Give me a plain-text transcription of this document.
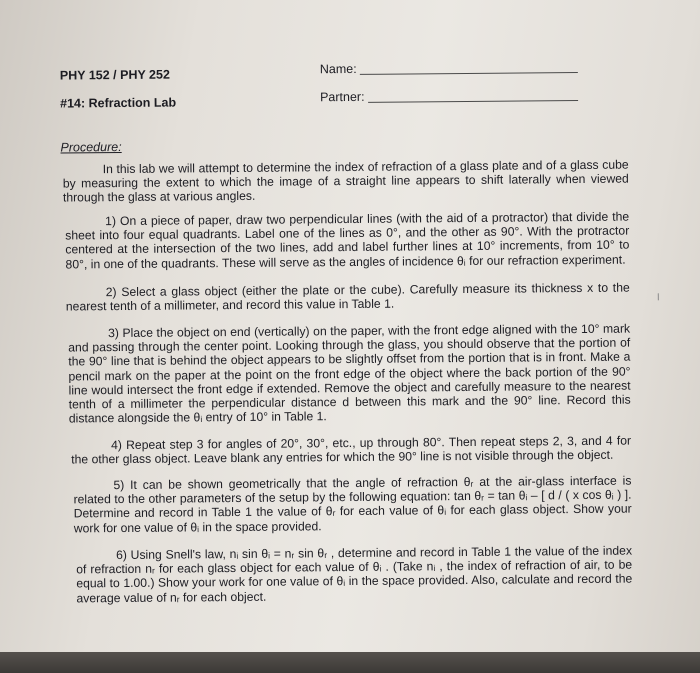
PHY 152 / PHY 252
#14: Refraction Lab
Name:
Partner:
Procedure:

In this lab we will attempt to determine the index of refraction of a glass plate and of a glass cube by measuring the extent to which the image of a straight line appears to shift laterally when viewed through the glass at various angles.

1) On a piece of paper, draw two perpendicular lines (with the aid of a protractor) that divide the sheet into four equal quadrants. Label one of the lines as 0°, and the other as 90°. With the protractor centered at the intersection of the two lines, add and label further lines at 10° increments, from 10° to 80°, in one of the quadrants. These will serve as the angles of incidence θᵢ for our refraction experiment.

2) Select a glass object (either the plate or the cube). Carefully measure its thickness x to the nearest tenth of a millimeter, and record this value in Table 1.

3) Place the object on end (vertically) on the paper, with the front edge aligned with the 10° mark and passing through the center point. Looking through the glass, you should observe that the portion of the 90° line that is behind the object appears to be slightly offset from the portion that is in front. Make a pencil mark on the paper at the point on the front edge of the object where the back portion of the 90° line would intersect the front edge if extended. Remove the object and carefully measure to the nearest tenth of a millimeter the perpendicular distance d between this mark and the 90° line. Record this distance alongside the θᵢ entry of 10° in Table 1.

4) Repeat step 3 for angles of 20°, 30°, etc., up through 80°. Then repeat steps 2, 3, and 4 for the other glass object. Leave blank any entries for which the 90° line is not visible through the object.

5) It can be shown geometrically that the angle of refraction θᵣ at the air-glass interface is related to the other parameters of the setup by the following equation: tan θᵣ = tan θᵢ – [ d / ( x cos θᵢ ) ]. Determine and record in Table 1 the value of θᵣ for each value of θᵢ for each glass object. Show your work for one value of θᵢ in the space provided.

6) Using Snell's law, nᵢ sin θᵢ = nᵣ sin θᵣ , determine and record in Table 1 the value of the index of refraction nᵣ for each glass object for each value of θᵢ . (Take nᵢ , the index of refraction of air, to be equal to 1.00.) Show your work for one value of θᵢ in the space provided. Also, calculate and record the average value of nᵣ for each object.
